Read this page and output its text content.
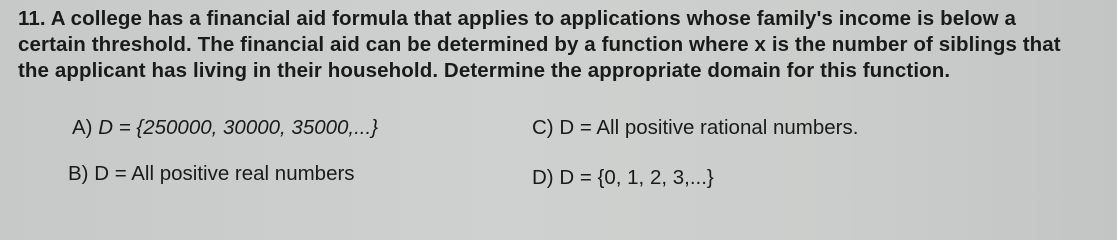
11. A college has a financial aid formula that applies to applications whose family's income is below a
certain threshold. The financial aid can be determined by a function where x is the number of siblings that
the applicant has living in their household. Determine the appropriate domain for this function.
A) D = {250000, 30000, 35000,...}	C) D = All positive rational numbers.
B) D = All positive real numbers	D) D = {0, 1, 2, 3,...}
